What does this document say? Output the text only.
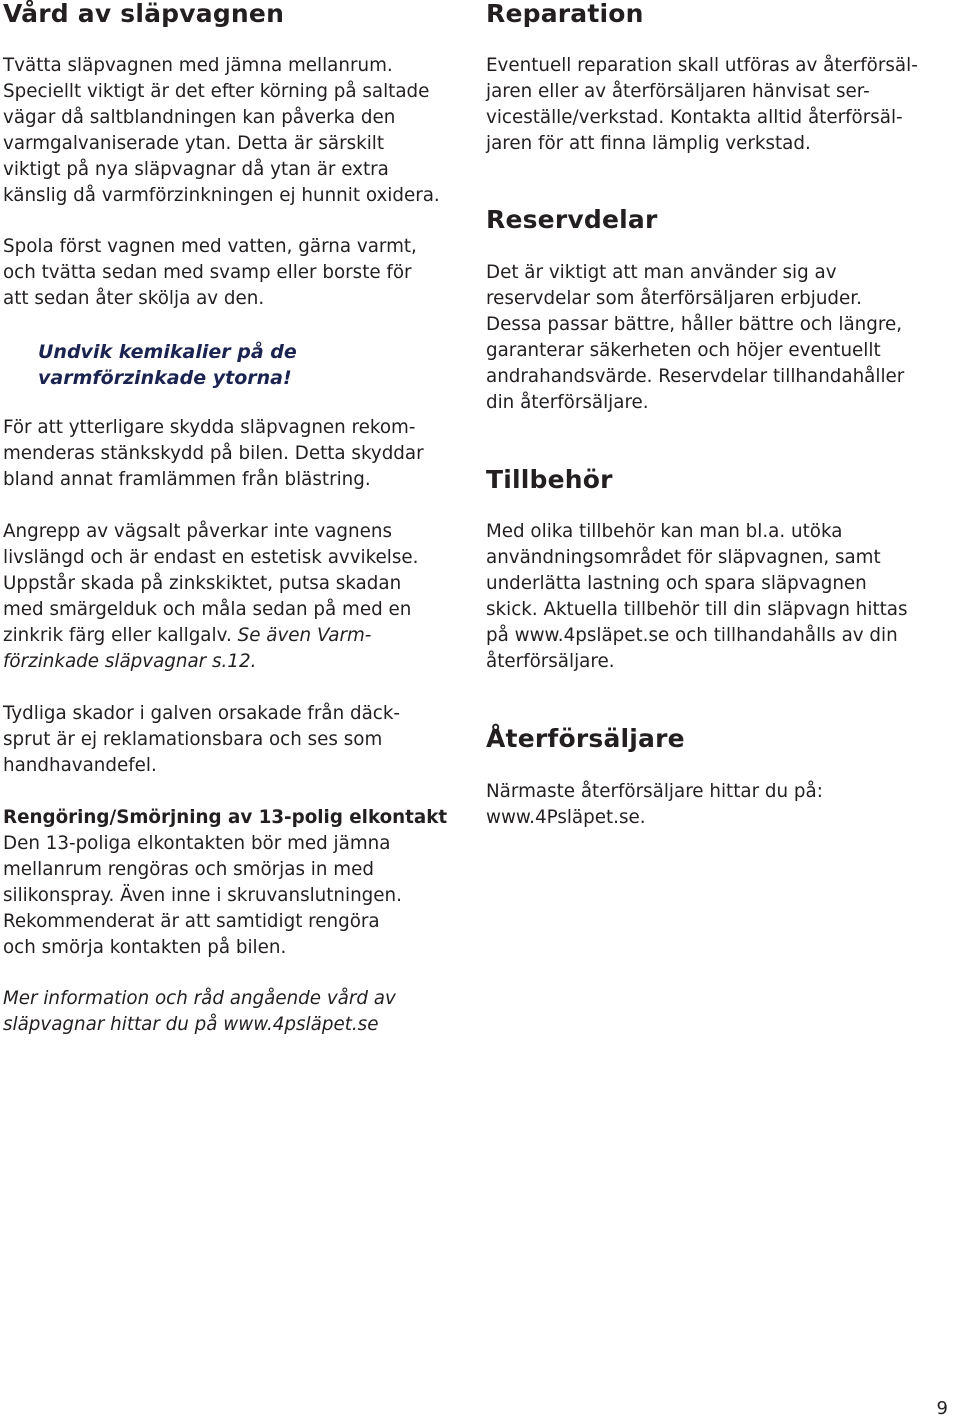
Vård av släpvagnen

Tvätta släpvagnen med jämna mellanrum.
Speciellt viktigt är det efter körning på saltade
vägar då saltblandningen kan påverka den
varmgalvaniserade ytan. Detta är särskilt
viktigt på nya släpvagnar då ytan är extra
känslig då varmförzinkningen ej hunnit oxidera.

Spola först vagnen med vatten, gärna varmt,
och tvätta sedan med svamp eller borste för
att sedan åter skölja av den.

Undvik kemikalier på de
varmförzinkade ytorna!

För att ytterligare skydda släpvagnen rekom-
menderas stänkskydd på bilen. Detta skyddar
bland annat framlämmen från blästring.

Angrepp av vägsalt påverkar inte vagnens
livslängd och är endast en estetisk avvikelse.
Uppstår skada på zinkskiktet, putsa skadan
med smärgelduk och måla sedan på med en
zinkrik färg eller kallgalv. Se även Varm-
förzinkade släpvagnar s.12.

Tydliga skador i galven orsakade från däck-
sprut är ej reklamationsbara och ses som
handhavandefel.

Rengöring/Smörjning av 13-polig elkontakt
Den 13-poliga elkontakten bör med jämna
mellanrum rengöras och smörjas in med
silikonspray. Även inne i skruvanslutningen.
Rekommenderat är att samtidigt rengöra
och smörja kontakten på bilen.

Mer information och råd angående vård av
släpvagnar hittar du på www.4psläpet.se

Reparation

Eventuell reparation skall utföras av återförsäl-
jaren eller av återförsäljaren hänvisat ser-
viceställe/verkstad. Kontakta alltid återförsäl-
jaren för att finna lämplig verkstad.

Reservdelar

Det är viktigt att man använder sig av
reservdelar som återförsäljaren erbjuder.
Dessa passar bättre, håller bättre och längre,
garanterar säkerheten och höjer eventuellt
andrahandsvärde. Reservdelar tillhandahåller
din återförsäljare.

Tillbehör

Med olika tillbehör kan man bl.a. utöka
användningsområdet för släpvagnen, samt
underlätta lastning och spara släpvagnen
skick. Aktuella tillbehör till din släpvagn hittas
på www.4psläpet.se och tillhandahålls av din
återförsäljare.

Återförsäljare

Närmaste återförsäljare hittar du på:
www.4Psläpet.se.

9
